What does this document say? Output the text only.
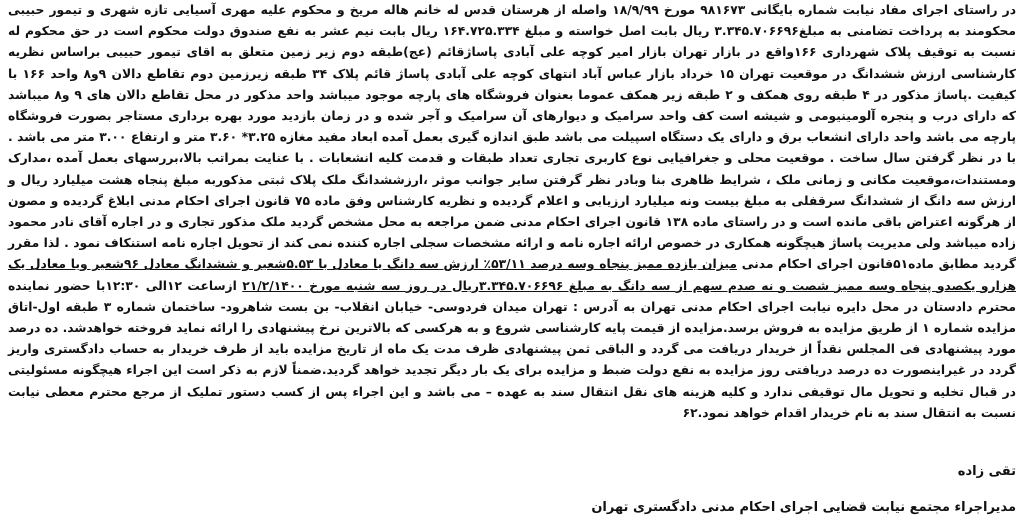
در راستای اجرای مفاد نیابت شماره بایگانی ۹۸۱۶۷۳ مورخ ۱۸/۹/۹۹ واصله از هرستان قدس له خانم هاله مریخ و محکوم علیه مهری آسیایی تازه شهری و تیمور حبیبی محکومند به پرداخت تضامنی به مبلغ۳.۳۴۵.۷۰۶۶۹۶ ریال بابت اصل خواسته و مبلغ ۱۶۴.۷۲۵.۳۳۴ ریال بابت نیم عشر به نفع صندوق دولت محکوم است در حق محکوم له نسبت به توقیف پلاک شهرداری ۱۶۶واقع در بازار تهران بازار امیر کوچه علی آبادی پاساژقائم (عج)طبقه دوم زیر زمین متعلق به اقای تیمور حبیبی براساس نظریه کارشناسی ارزش ششدانگ در موقعیت تهران ۱۵ خرداد بازار عباس آباد انتهای کوچه علی آبادی پاساژ قائم پلاک ۳۴ طبقه زیرزمین دوم تقاطع دالان ۹و۸ واحد ۱۶۶ با کیفیت .پاساژ مذکور در ۴ طبقه روی همکف و ۲ طبقه زیر همکف عموما بعنوان فروشگاه های پارچه موجود میباشد واحد مذکور در محل تقاطع دالان های ۹ و۸ میباشد که دارای درب و پنجره آلومینیومی و شیشه است کف واحد سرامیک و دیوارهای آن سرامیک و آجر شده و در زمان بازدید مورد بهره برداری مستاجر بصورت فروشگاه پارچه می باشد واحد دارای انشعاب برق و دارای یک دستگاه اسپیلت می باشد طبق اندازه گیری بعمل آمده ابعاد مفید مغازه ۳.۲۵* ۳.۶۰ متر و ارتفاع ۳.۰۰ متر می باشد . با در نظر گرفتن سال ساخت . موقعیت محلی و جغرافیایی نوع کاربری تجاری تعداد طبقات و قدمت کلیه انشعابات . با عنایت بمراتب بالا،بررسهای بعمل آمده ،مدارک ومستندات،موقعیت مکانی و زمانی ملک ، شرایط ظاهری بنا وبادر نظر گرفتن سایر جوانب موثر ،ارزششدانگ ملک پلاک ثبتی مذکوربه مبلغ پنجاه هشت میلیارد ریال و ارزش سه دانگ از ششدانگ سرقفلی به مبلغ بیست ونه میلیارد ارزیابی و اعلام گردیده و نظریه کارشناس وفق ماده ۷۵ قانون اجرای احکام مدنی ابلاغ گردیده و مصون از هرگونه اعتراض باقی مانده است و در راستای ماده ۱۳۸ قانون اجرای احکام مدنی ضمن مراجعه به محل مشخص گردید ملک مذکور تجاری و در اجاره آقای نادر محمود زاده میباشد ولی مدیریت پاساژ هیچگونه همکاری در خصوص ارائه اجاره نامه و ارائه مشخصات سجلی اجاره کننده نمی کند از تحویل اجاره نامه استنکاف نمود . لذا مقرر گردید مطابق ماده۵۱قانون اجرای احکام مدنی میزان یازده ممیز پنجاه وسه درصد ۵۳/۱۱٪ ارزش سه دانگ یا معادل با ۵.۵۳شعیر و ششدانگ معادل ۹۶شعیر ویا معادل یک هزارو یکصدو پنجاه وسه ممیز شصت و نه صدم سهم از سه دانگ به مبلغ ۳.۳۴۵.۷۰۶۶۹۶ریال در روز سه شنبه مورخ ۲۱/۲/۱۴۰۰ ازساعت ۱۲الی ۱۲:۳۰با حضور نماینده محترم دادستان در محل دایره نیابت اجرای احکام مدنی تهران به آدرس : تهران میدان فردوسی- خیابان انقلاب- بن بست شاهرود- ساختمان شماره ۳ طبقه اول-اتاق مزایده شماره ۱ از طریق مزایده به فروش برسد.مزایده از قیمت پایه کارشناسی شروع و به هرکسی که بالاترین نرخ پیشنهادی را ارائه نماید فروخته خواهدشد. ده درصد مورد پیشنهادی فی المجلس نقداً از خریدار دریافت می گردد و الباقی ثمن پیشنهادی ظرف مدت یک ماه از تاریخ مزایده باید از طرف خریدار به حساب دادگستری واریز گردد در غیراینصورت ده درصد دریافتی روز مزایده به نفع دولت ضبط و مزایده برای یک بار دیگر تجدید خواهد گردید.ضمناً لازم به ذکر است این اجراء هیچگونه مسئولیتی در قبال تخلیه و تحویل مال توقیفی ندارد و کلیه هزینه های نقل انتقال سند به عهده – می باشد و این اجراء پس از کسب دستور تملیک از مرجع محترم معطی نیابت نسبت به انتقال سند به نام خریدار اقدام خواهد نمود.۶۲

تقی زاده
مدیراجراء مجتمع نیابت قضایی اجرای احکام مدنی دادگستری تهران
